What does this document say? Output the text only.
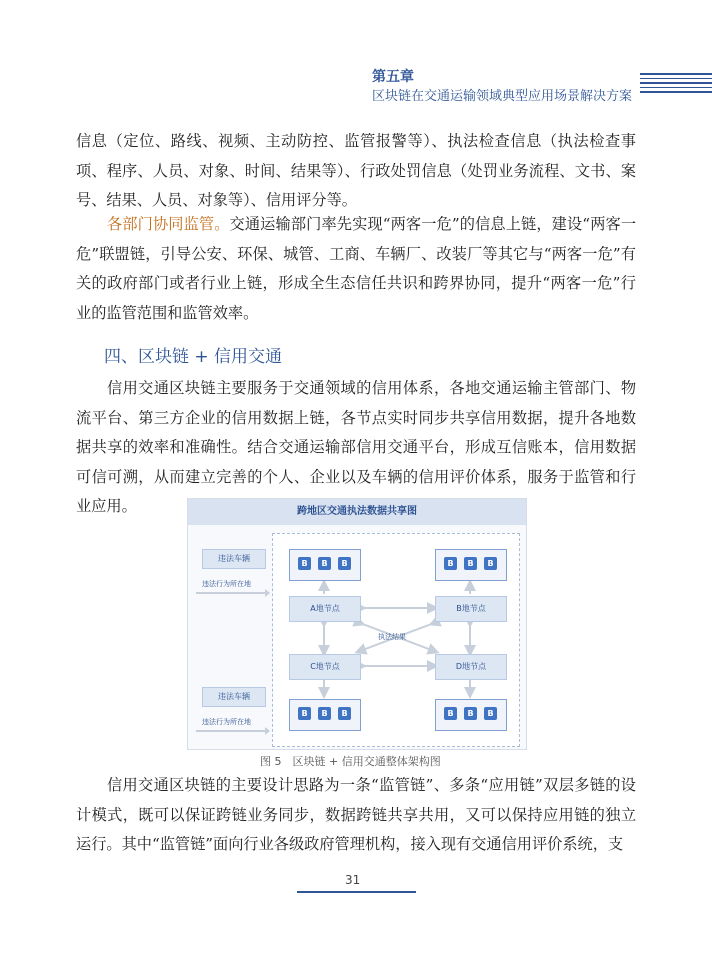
第五章
区块链在交通运输领域典型应用场景解决方案
信息（定位、路线、视频、主动防控、监管报警等）、执法检查信息（执法检查事项、程序、人员、对象、时间、结果等）、行政处罚信息（处罚业务流程、文书、案号、结果、人员、对象等）、信用评分等。
各部门协同监管。交通运输部门率先实现“两客一危”的信息上链，建设“两客一危”联盟链，引导公安、环保、城管、工商、车辆厂、改装厂等其它与“两客一危”有关的政府部门或者行业上链，形成全生态信任共识和跨界协同，提升“两客一危”行业的监管范围和监管效率。
四、区块链 + 信用交通
信用交通区块链主要服务于交通领域的信用体系，各地交通运输主管部门、物流平台、第三方企业的信用数据上链，各节点实时同步共享信用数据，提升各地数据共享的效率和准确性。结合交通运输部信用交通平台，形成互信账本，信用数据可信可溯，从而建立完善的个人、企业以及车辆的信用评价体系，服务于监管和行业应用。	跨地区交通执法数据共享图
违法车辆
违法行为所在地
违法车辆
违法行为所在地
B	B	B	B	B	B
B	B	B	B	B	B
A地节点	B地节点
C地节点	D地节点
执法结果
图 5　区块链 + 信用交通整体架构图
信用交通区块链的主要设计思路为一条“监管链”、多条“应用链”双层多链的设计模式，既可以保证跨链业务同步，数据跨链共享共用，又可以保持应用链的独立运行。其中“监管链”面向行业各级政府管理机构，接入现有交通信用评价系统，支
31
